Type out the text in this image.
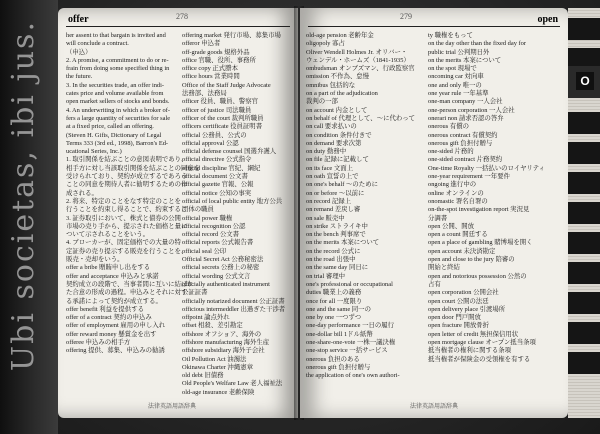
Ubi societas, ibi jus.
offer	278

her assent to that bargain is invited and

will conclude a contract.

（申込）

2. A promise, a commitment to do or re-

frain from doing some specified thing in

the future.

3. In the securities trade, an offer indi-

cates price and volume available from

open market sellers of stocks and bonds.

4. An underwriting in which a broker of-

fers a large quantity of securities for sale

at a fixed price, called an offering.

(Steven H. Gifis, Dictionary of Legal

Terms 333 (3rd ed., 1998), Barron's Ed-

ucational Series, Inc.)

1. 取引関係を結ぶことの意図表明であり、

相手方に対し当該取引関係を結ぶことの同意を

受けられており、契約が成立するであろう

ことの同意を期待人者に勧明するための作

成される。

2. 将来、特定のことをなす特定のことを

行うことを約束し得ることで、約束するこ

3. 証券取引において、株式と債券の公開

市場の売り手から、提示された価格と量に

ついて示されることをいう。

4. ブローカーが、固定価格での大量の特

定証券の売り提示する販売を行うことを、

販売・売却をいう。

offer a bribe 贈賄申し出をする

offer and acceptance 申込みと承諾

契約成立の段階で、当事者間に互いに結ばれ

た合意の形成の過程。申込みとそれに対す

る承諾によって契約が成立する。

offer benefit 利益を提供する

offer of a contract 契約の申込み

offer of employment 雇用の申し入れ

offer reward money 懸賞金を出す

offeree 申込みの相手方

offering 提供、募集、申込みの勧誘

offering market 発行市場、募集市場

offeror 申込者

off-grade goods 規格外品

office 官職、役所、事務所

office copy 正式謄本

office hours 営業時間

Office of the Staff Judge Advocate

法務部、法務局

officer 役員、職員、警察官

officer of justice 司法職員

officer of the court 裁判所職員

officers certificate 役員証明書

official 公務員、公式の

official approval 公認

official defense counsel 国選弁護人

official directive 公式指令

official discipline 官紀、綱紀

official document 公文書

official gazette 官報、公報

official notice 公知の事実

official of local public entity 地方公共

団体の職員

official power 職権

official recognition 公認

official record 公文書

official reports 公式報告書

official seal 公印

Official Secret Act 公務秘密法

official secrets 公務上の秘密

official wording 公式文言

officially authenticated instrument

公証証書

officially notarized document 公正証書

officious intermeddler 出過ぎた干渉者

offpoint 論点外れ

offset 相殺、差引勘定

offshore オフショア、海外の

offshore manufacturing 海外生産

offshore subsidiary 海外子会社

Oil Pollution Act 油濁法

Okinawa Charter 沖縄憲章

old debt 旧債務

Old People's Welfare Law 老人福祉法

old-age insurance 老齢保険

法律英語用語辞典
279	open

old-age pension 老齢年金

oligopoly 寡占

Oliver Wendell Holmes Jr. オリバー・

ウェンデル・ホームズ（1841-1935）

ombudsman オンブズマン、行政監察官

omission 不作為、怠慢

omnibus 包括的な

on a part of the adjudication

裁判の一部

on account 内金として

on behalf of 代理として、〜に代わって

on call 要求払いの

on condition 条件付きで

on demand 要求次第

on duty 勤務中

on file 記録に記載して

on its face 文面上

on oath 宣誓の上で

on one's behalf 〜のために

on or before 〜以前に

on record 記録上

on remand 差戻し審

on sale 販売中

on strike ストライキ中

on the bench 判事席で

on the merits 本案について

on the record 公式に

on the road 出張中

on the same day 同日に

on trial 審理中

one's professional or occupational

duties 職業上の義務

once for all 一度限り

one and the same 同一の

one by one 一つずつ

one-day performance 一日の履行

one-dollar bill 1ドル紙幣

one-share-one-vote 一株一議決権

one-stop service 一括サービス

onerous 負担のある

onerous gift 負担付贈与

the application of one's own authori-

ty 職権をもって

on the day other than the fixed day for

public trial 公判期日外

on the merits 本案について

on the spot 現場で

oncoming car 対向車

one and only 唯一の

one year rule 一年基準

one-man company 一人会社

one-person corporation 一人会社

onerari non 請求否認の答弁

onerous 有償の

onerous contract 有償契約

onerous gift 負担付贈与

one-sided 片務的

one-sided contract 片務契約

One-time Royalty 一括払いのロイヤリティ

one-year requirement 一年要件

ongoing 進行中の

online オンラインの

onomastic 署名自署の

on-the-spot investigation report 実況見

分調書

open 公開、開放

open a count 開廷する

open a place of gambling 賭博場を開く

open account 未決済勘定

open and close to the jury 陪審の

開始と終結

open and notorious possession 公然の

占有

open corporation 公開会社

open court 公開の法廷

open delivery place 引渡場所

open door 門戸開放

open fracture 開放骨折

open letter of credit 無担保信用状

open mortgage clause オープン抵当条項

抵当権者の権利に関する条項

抵当権者が保険金の受領権を有する

法律英語用語辞典
O
